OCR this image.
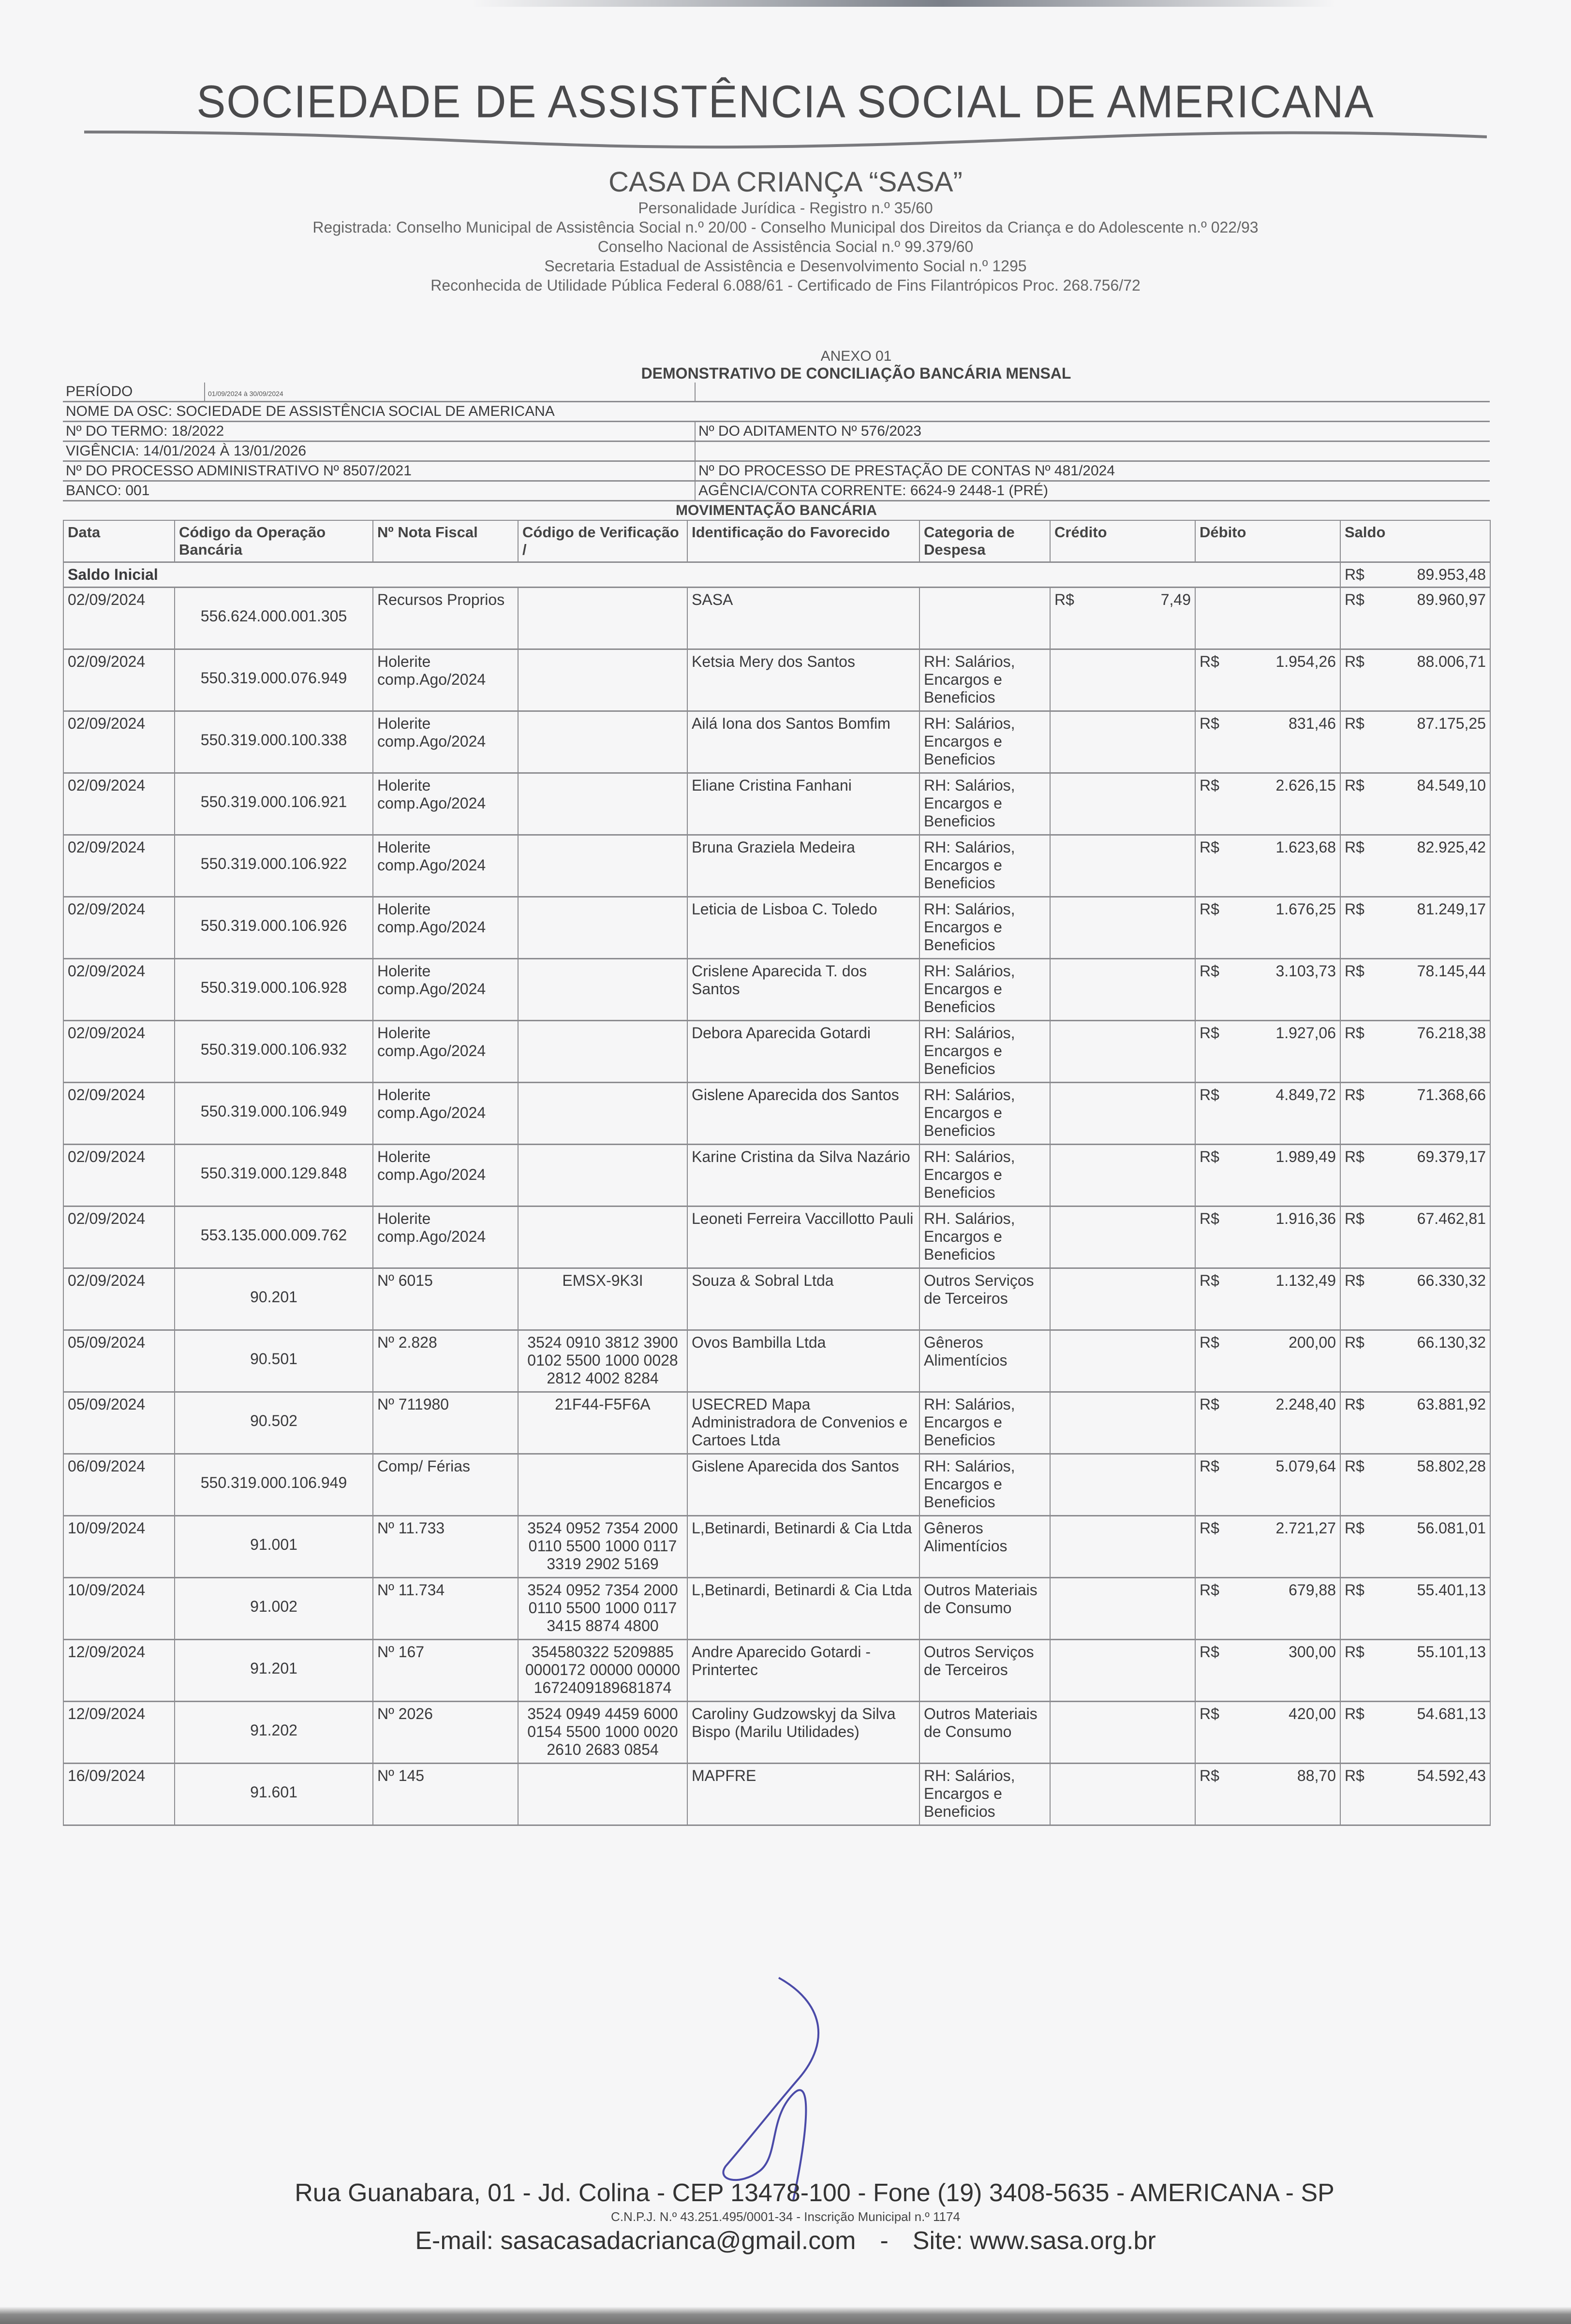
SOCIEDADE DE ASSISTÊNCIA SOCIAL DE AMERICANA
CASA DA CRIANÇA “SASA”
Personalidade Jurídica - Registro n.º 35/60
Registrada: Conselho Municipal de Assistência Social n.º 20/00 - Conselho Municipal dos Direitos da Criança e do Adolescente n.º 022/93
Conselho Nacional de Assistência Social n.º 99.379/60
Secretaria Estadual de Assistência e Desenvolvimento Social n.º 1295
Reconhecida de Utilidade Pública Federal 6.088/61 - Certificado de Fins Filantrópicos Proc. 268.756/72
ANEXO 01
DEMONSTRATIVO DE CONCILIAÇÃO BANCÁRIA MENSAL
PERÍODO	01/09/2024 à 30/09/2024	
NOME DA OSC: SOCIEDADE DE ASSISTÊNCIA SOCIAL DE AMERICANA		
Nº DO TERMO: 18/2022		Nº DO ADITAMENTO Nº 576/2023
VIGÊNCIA: 14/01/2024 À 13/01/2026		
Nº DO PROCESSO ADMINISTRATIVO Nº 8507/2021		Nº DO PROCESSO DE PRESTAÇÃO DE CONTAS Nº 481/2024
BANCO: 001		AGÊNCIA/CONTA CORRENTE: 6624-9 2448-1 (PRÉ)
MOVIMENTAÇÃO BANCÁRIA
Data	Código da Operação Bancária	Nº Nota Fiscal	Código de Verificação /	Identificação do Favorecido	Categoria de Despesa	Crédito	Débito	Saldo
Saldo Inicial								R$ 89.953,48

02/09/2024	556.624.000.001.305	Recursos Proprios		SASA		R$ 7,49		R$ 89.960,97

02/09/2024	550.319.000.076.949	Holerite comp.Ago/2024		Ketsia Mery dos Santos	RH: Salários, Encargos e Beneficios		R$ 1.954,26	R$ 88.006,71

02/09/2024	550.319.000.100.338	Holerite comp.Ago/2024		Ailá Iona dos Santos Bomfim	RH: Salários, Encargos e Beneficios		R$ 831,46	R$ 87.175,25

02/09/2024	550.319.000.106.921	Holerite comp.Ago/2024		Eliane Cristina Fanhani	RH: Salários, Encargos e Beneficios		R$ 2.626,15	R$ 84.549,10

02/09/2024	550.319.000.106.922	Holerite comp.Ago/2024		Bruna Graziela Medeira	RH: Salários, Encargos e Beneficios		R$ 1.623,68	R$ 82.925,42

02/09/2024	550.319.000.106.926	Holerite comp.Ago/2024		Leticia de Lisboa C. Toledo	RH: Salários, Encargos e Beneficios		R$ 1.676,25	R$ 81.249,17

02/09/2024	550.319.000.106.928	Holerite comp.Ago/2024		Crislene Aparecida T. dos Santos	RH: Salários, Encargos e Beneficios		R$ 3.103,73	R$ 78.145,44

02/09/2024	550.319.000.106.932	Holerite comp.Ago/2024		Debora Aparecida Gotardi	RH: Salários, Encargos e Beneficios		R$ 1.927,06	R$ 76.218,38

02/09/2024	550.319.000.106.949	Holerite comp.Ago/2024		Gislene Aparecida dos Santos	RH: Salários, Encargos e Beneficios		R$ 4.849,72	R$ 71.368,66

02/09/2024	550.319.000.129.848	Holerite comp.Ago/2024		Karine Cristina da Silva Nazário	RH: Salários, Encargos e Beneficios		R$ 1.989,49	R$ 69.379,17

02/09/2024	553.135.000.009.762	Holerite comp.Ago/2024		Leoneti Ferreira Vaccillotto Pauli	RH. Salários, Encargos e Beneficios		R$ 1.916,36	R$ 67.462,81

02/09/2024	90.201	Nº 6015	EMSX-9K3I	Souza & Sobral Ltda	Outros Serviços de Terceiros		R$ 1.132,49	R$ 66.330,32

05/09/2024	90.501	Nº 2.828	3524 0910 3812 3900 0102 5500 1000 0028 2812 4002 8284	Ovos Bambilla Ltda	Gêneros Alimentícios		R$ 200,00	R$ 66.130,32

05/09/2024	90.502	Nº 711980	21F44-F5F6A	USECRED Mapa Administradora de Convenios e Cartoes Ltda	RH: Salários, Encargos e Beneficios		R$ 2.248,40	R$ 63.881,92

06/09/2024	550.319.000.106.949	Comp/ Férias		Gislene Aparecida dos Santos	RH: Salários, Encargos e Beneficios		R$ 5.079,64	R$ 58.802,28

10/09/2024	91.001	Nº 11.733	3524 0952 7354 2000 0110 5500 1000 0117 3319 2902 5169	L,Betinardi, Betinardi & Cia Ltda	Gêneros Alimentícios		R$ 2.721,27	R$ 56.081,01

10/09/2024	91.002	Nº 11.734	3524 0952 7354 2000 0110 5500 1000 0117 3415 8874 4800	L,Betinardi, Betinardi & Cia Ltda	Outros Materiais de Consumo		R$ 679,88	R$ 55.401,13

12/09/2024	91.201	Nº 167	354580322 5209885 0000172 00000 00000 1672409189681874	Andre Aparecido Gotardi - Printertec	Outros Serviços de Terceiros		R$ 300,00	R$ 55.101,13

12/09/2024	91.202	Nº 2026	3524 0949 4459 6000 0154 5500 1000 0020 2610 2683 0854	Caroliny Gudzowskyj da Silva Bispo (Marilu Utilidades)	Outros Materiais de Consumo		R$ 420,00	R$ 54.681,13

16/09/2024	91.601	Nº 145		MAPFRE	RH: Salários, Encargos e Beneficios		R$ 88,70	R$ 54.592,43
Rua Guanabara, 01 - Jd. Colina - CEP 13478-100 - Fone (19) 3408-5635 - AMERICANA - SP
C.N.P.J. N.º 43.251.495/0001-34 - Inscrição Municipal n.º 1174
E-mail: sasacasadacrianca@gmail.com - Site: www.sasa.org.br
